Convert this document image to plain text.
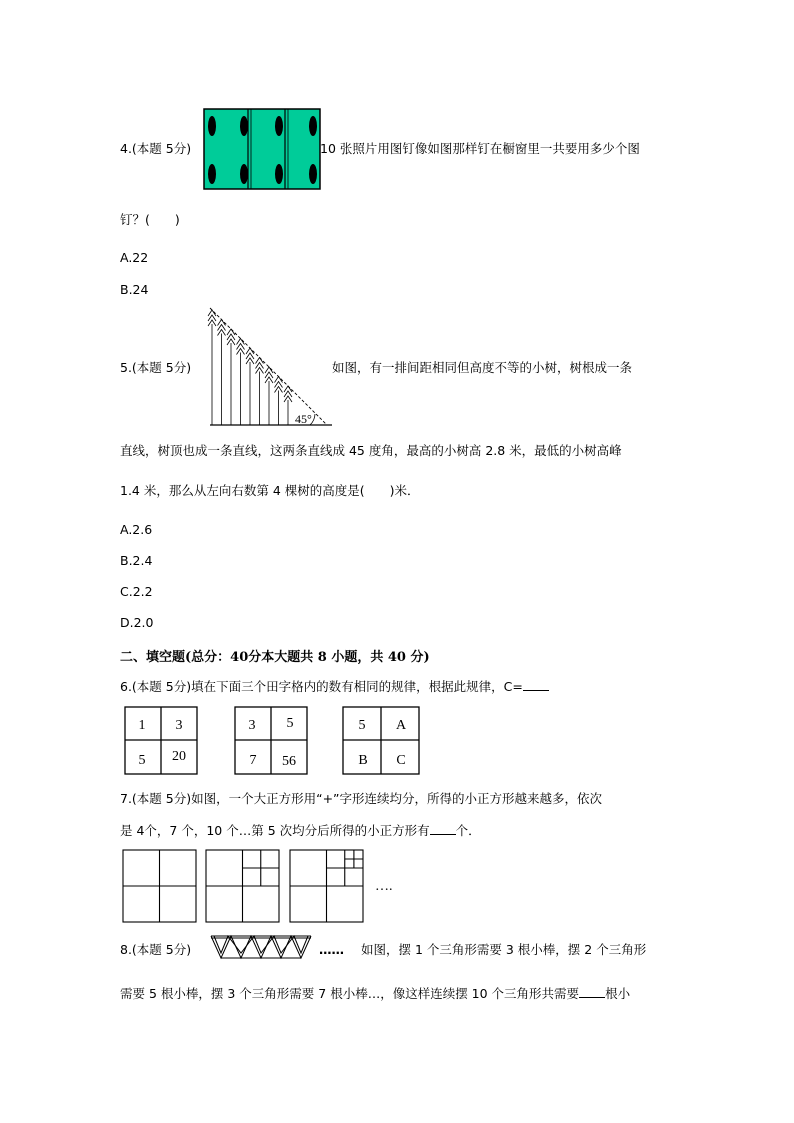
4.(本题 5分)	10 张照片用图钉像如图那样钉在橱窗里一共要用多少个图
钉？(　　)
A.22
B.24
5.(本题 5分)
45°
如图，有一排间距相同但高度不等的小树，树根成一条
直线，树顶也成一条直线，这两条直线成 45 度角，最高的小树高 2.8 米，最低的小树高峰
1.4 米，那么从左向右数第 4 棵树的高度是(　　)米．
A.2.6
B.2.4
C.2.2
D.2.0
二、填空题(总分：40分本大题共 8 小题，共 40 分)
6.(本题 5分)填在下面三个田字格内的数有相同的规律，根据此规律，C=
1 3
5 20
3 5
7 56
5 A
B C
7.(本题 5分)如图，一个大正方形用“+”字形连续均分，所得的小正方形越来越多，依次
是 4个，7 个，10 个…第 5 次均分后所得的小正方形有 个．
….
8.(本题 5分)	…… 如图，摆 1 个三角形需要 3 根小棒，摆 2 个三角形
需要 5 根小棒，摆 3 个三角形需要 7 根小棒…，像这样连续摆 10 个三角形共需要 根小
